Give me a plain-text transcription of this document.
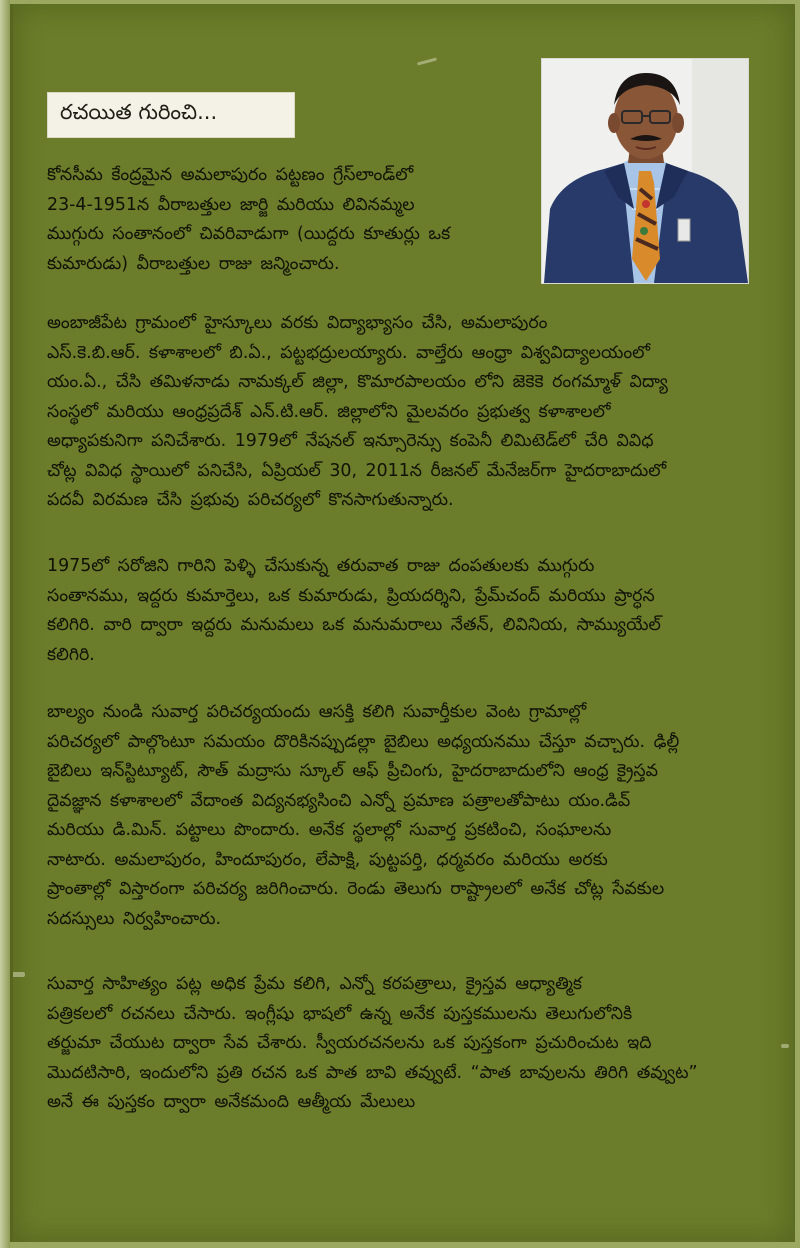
రచయిత గురించి...
కోనసీమ కేంద్రమైన అమలాపురం పట్టణం గ్రేస్‌లాండ్‌లో
23-4-1951న వీరాబత్తుల జార్జి మరియు లివినమ్మల
ముగ్గురు సంతానంలో చివరివాడుగా (యిద్దరు కూతుర్లు ఒక
కుమారుడు) వీరాబత్తుల రాజు జన్మించారు.
అంబాజీపేట గ్రామంలో హైస్కూలు వరకు విద్యాభ్యాసం చేసి, అమలాపురం
ఎస్.కె.బి.ఆర్. కళాశాలలో బి.ఏ., పట్టభద్రులయ్యారు. వాల్తేరు ఆంధ్రా విశ్వవిద్యాలయంలో
యం.ఏ., చేసి తమిళనాడు నామక్కల్ జిల్లా, కొమారపాలయం లోని జెకెకె రంగమ్మాళ్ విద్యా
సంస్థలో మరియు ఆంధ్రప్రదేశ్ ఎన్.టి.ఆర్. జిల్లాలోని మైలవరం ప్రభుత్వ కళాశాలలో
అధ్యాపకునిగా పనిచేశారు. 1979లో నేషనల్ ఇన్సూరెన్సు కంపెనీ లిమిటెడ్‌లో చేరి వివిధ
చోట్ల వివిధ స్థాయిలో పనిచేసి, ఏప్రియల్ 30, 2011న రీజనల్ మేనేజర్‌గా హైదరాబాదులో
పదవీ విరమణ చేసి ప్రభువు పరిచర్యలో కొనసాగుతున్నారు.
1975లో సరోజిని గారిని పెళ్ళి చేసుకున్న తరువాత రాజు దంపతులకు ముగ్గురు
సంతానము, ఇద్దరు కుమార్తెలు, ఒక కుమారుడు, ప్రియదర్శిని, ప్రేమ్‌చంద్ మరియు ప్రార్ధన
కలిగిరి. వారి ద్వారా ఇద్దరు మనుమలు ఒక మనుమరాలు నేతన్, లివినియ, సామ్యుయేల్
కలిగిరి.
బాల్యం నుండి సువార్త పరిచర్యయందు ఆసక్తి కలిగి సువార్తీకుల వెంట గ్రామాల్లో
పరిచర్యలో పాల్గొంటూ సమయం దొరికినప్పుడల్లా బైబిలు అధ్యయనము చేస్తూ వచ్చారు. ఢిల్లీ
బైబిలు ఇన్‌స్టిట్యూట్, సౌత్ మద్రాసు స్కూల్ ఆఫ్ ప్రీచింగు, హైదరాబాదులోని ఆంధ్ర క్రైస్తవ
దైవజ్ఞాన కళాశాలలో వేదాంత విద్యనభ్యసించి ఎన్నో ప్రమాణ పత్రాలతోపాటు యం.డివ్
మరియు డి.మిన్. పట్టాలు పొందారు. అనేక స్థలాల్లో సువార్త ప్రకటించి, సంఘాలను
నాటారు. అమలాపురం, హిందూపురం, లేపాక్షి, పుట్టపర్తి, ధర్మవరం మరియు అరకు
ప్రాంతాల్లో విస్తారంగా పరిచర్య జరిగించారు. రెండు తెలుగు రాష్ట్రాలలో అనేక చోట్ల సేవకుల
సదస్సులు నిర్వహించారు.
సువార్త సాహిత్యం పట్ల అధిక ప్రేమ కలిగి, ఎన్నో కరపత్రాలు, క్రైస్తవ ఆధ్యాత్మిక
పత్రికలలో రచనలు చేసారు. ఇంగ్లీషు భాషలో ఉన్న అనేక పుస్తకములను తెలుగులోనికి
తర్జుమా చేయుట ద్వారా సేవ చేశారు. స్వీయరచనలను ఒక పుస్తకంగా ప్రచురించుట ఇది
మొదటిసారి, ఇందులోని ప్రతి రచన ఒక పాత బావి తవ్వుటే. “పాత బావులను తిరిగి తవ్వుట”
అనే ఈ పుస్తకం ద్వారా అనేకమంది ఆత్మీయ మేలులు
